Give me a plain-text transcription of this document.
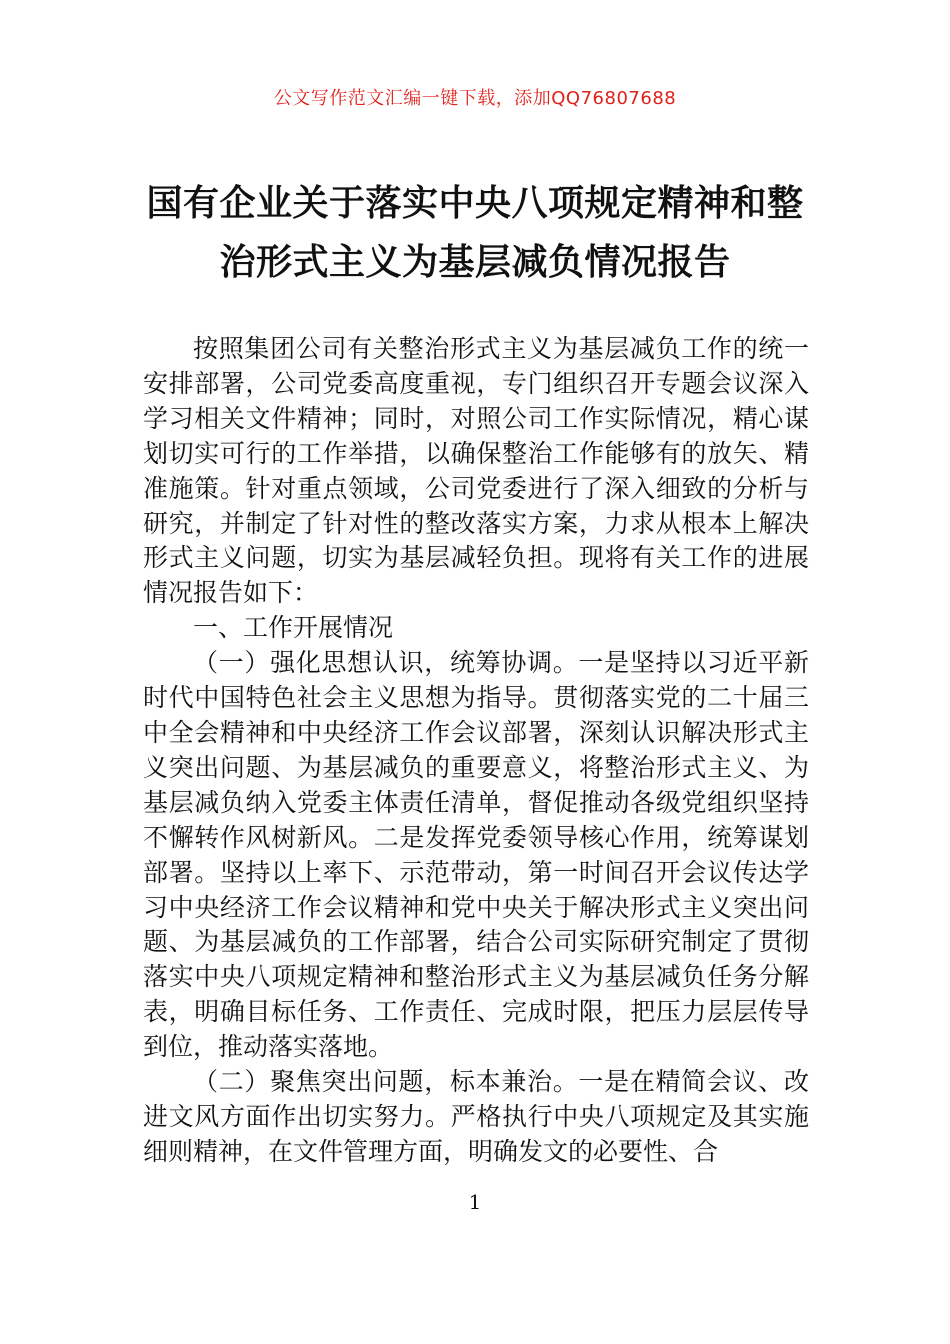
公文写作范文汇编一键下载，添加QQ76807688
国有企业关于落实中央八项规定精神和整
治形式主义为基层减负情况报告

按照集团公司有关整治形式主义为基层减负工作的统一安排部署，公司党委高度重视，专门组织召开专题会议深入学习相关文件精神；同时，对照公司工作实际情况，精心谋划切实可行的工作举措，以确保整治工作能够有的放矢、精准施策。针对重点领域，公司党委进行了深入细致的分析与研究，并制定了针对性的整改落实方案，力求从根本上解决形式主义问题，切实为基层减轻负担。现将有关工作的进展情况报告如下：

一、工作开展情况

（一）强化思想认识，统筹协调。一是坚持以习近平新时代中国特色社会主义思想为指导。贯彻落实党的二十届三中全会精神和中央经济工作会议部署，深刻认识解决形式主义突出问题、为基层减负的重要意义，将整治形式主义、为基层减负纳入党委主体责任清单，督促推动各级党组织坚持不懈转作风树新风。二是发挥党委领导核心作用，统筹谋划部署。坚持以上率下、示范带动，第一时间召开会议传达学习中央经济工作会议精神和党中央关于解决形式主义突出问题、为基层减负的工作部署，结合公司实际研究制定了贯彻落实中央八项规定精神和整治形式主义为基层减负任务分解表，明确目标任务、工作责任、完成时限，把压力层层传导到位，推动落实落地。

（二）聚焦突出问题，标本兼治。一是在精简会议、改进文风方面作出切实努力。严格执行中央八项规定及其实施细则精神，在文件管理方面，明确发文的必要性、合

1
